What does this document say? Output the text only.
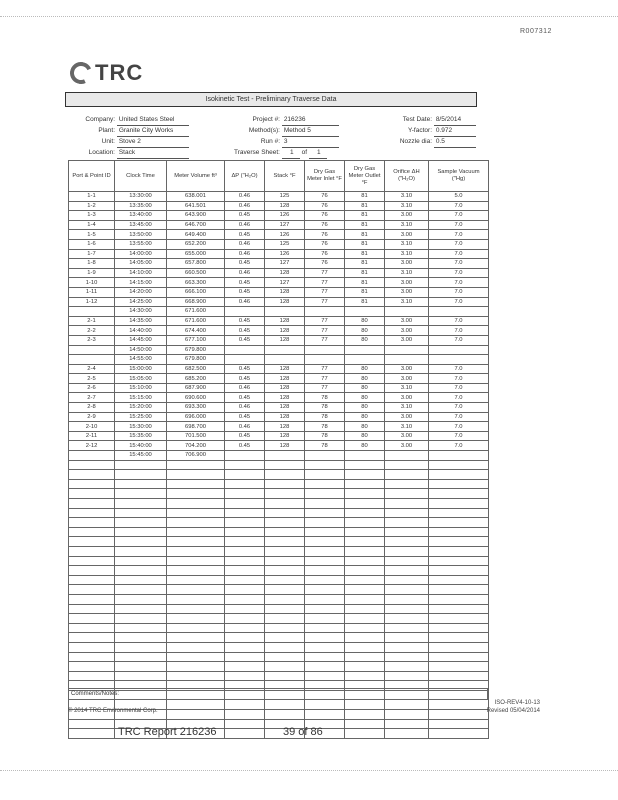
R007312
TRC
Isokinetic Test - Preliminary Traverse Data
Company: United States Steel
Plant: Granite City Works
Unit: Stove 2
Location: Stack
Project #: 216236
Method(s): Method 5
Run #: 3
Traverse Sheet: 1 of 1
Test Date: 8/5/2014
Y-factor: 0.972
Nozzle dia: 0.5
Port & Point ID	Clock Time	Meter Volume ft³	ΔP ("H₂O)	Stack °F	Dry Gas Meter Inlet °F	Dry Gas Meter Outlet °F	Orifice ΔH ("H₂O)	Sample Vacuum ("Hg)
1-1	13:30:00	638.001	0.46	125	76	81	3.10	5.0
1-2	13:35:00	641.501	0.46	128	76	81	3.10	7.0
1-3	13:40:00	643.900	0.45	126	76	81	3.00	7.0
1-4	13:45:00	646.700	0.46	127	76	81	3.10	7.0
1-5	13:50:00	649.400	0.45	126	76	81	3.00	7.0
1-6	13:55:00	652.200	0.46	125	76	81	3.10	7.0
1-7	14:00:00	655.000	0.46	126	76	81	3.10	7.0
1-8	14:05:00	657.800	0.45	127	76	81	3.00	7.0
1-9	14:10:00	660.500	0.46	128	77	81	3.10	7.0
1-10	14:15:00	663.300	0.45	127	77	81	3.00	7.0
1-11	14:20:00	666.100	0.45	128	77	81	3.00	7.0
1-12	14:25:00	668.900	0.46	128	77	81	3.10	7.0
	14:30:00	671.600						
2-1	14:35:00	671.600	0.45	128	77	80	3.00	7.0
2-2	14:40:00	674.400	0.45	128	77	80	3.00	7.0
2-3	14:45:00	677.100	0.45	128	77	80	3.00	7.0
	14:50:00	679.800						
	14:55:00	679.800						
2-4	15:00:00	682.500	0.45	128	77	80	3.00	7.0
2-5	15:05:00	685.200	0.45	128	77	80	3.00	7.0
2-6	15:10:00	687.900	0.46	128	77	80	3.10	7.0
2-7	15:15:00	690.600	0.45	128	78	80	3.00	7.0
2-8	15:20:00	693.300	0.46	128	78	80	3.10	7.0
2-9	15:25:00	696.000	0.45	128	78	80	3.00	7.0
2-10	15:30:00	698.700	0.46	128	78	80	3.10	7.0
2-11	15:35:00	701.500	0.45	128	78	80	3.00	7.0
2-12	15:40:00	704.200	0.45	128	78	80	3.00	7.0
	15:45:00	706.900						

Comments/Notes:
© 2014 TRC Environmental Corp.
ISO-REV4-10-13
Revised 05/04/2014
TRC Report 216236	39 of 86
